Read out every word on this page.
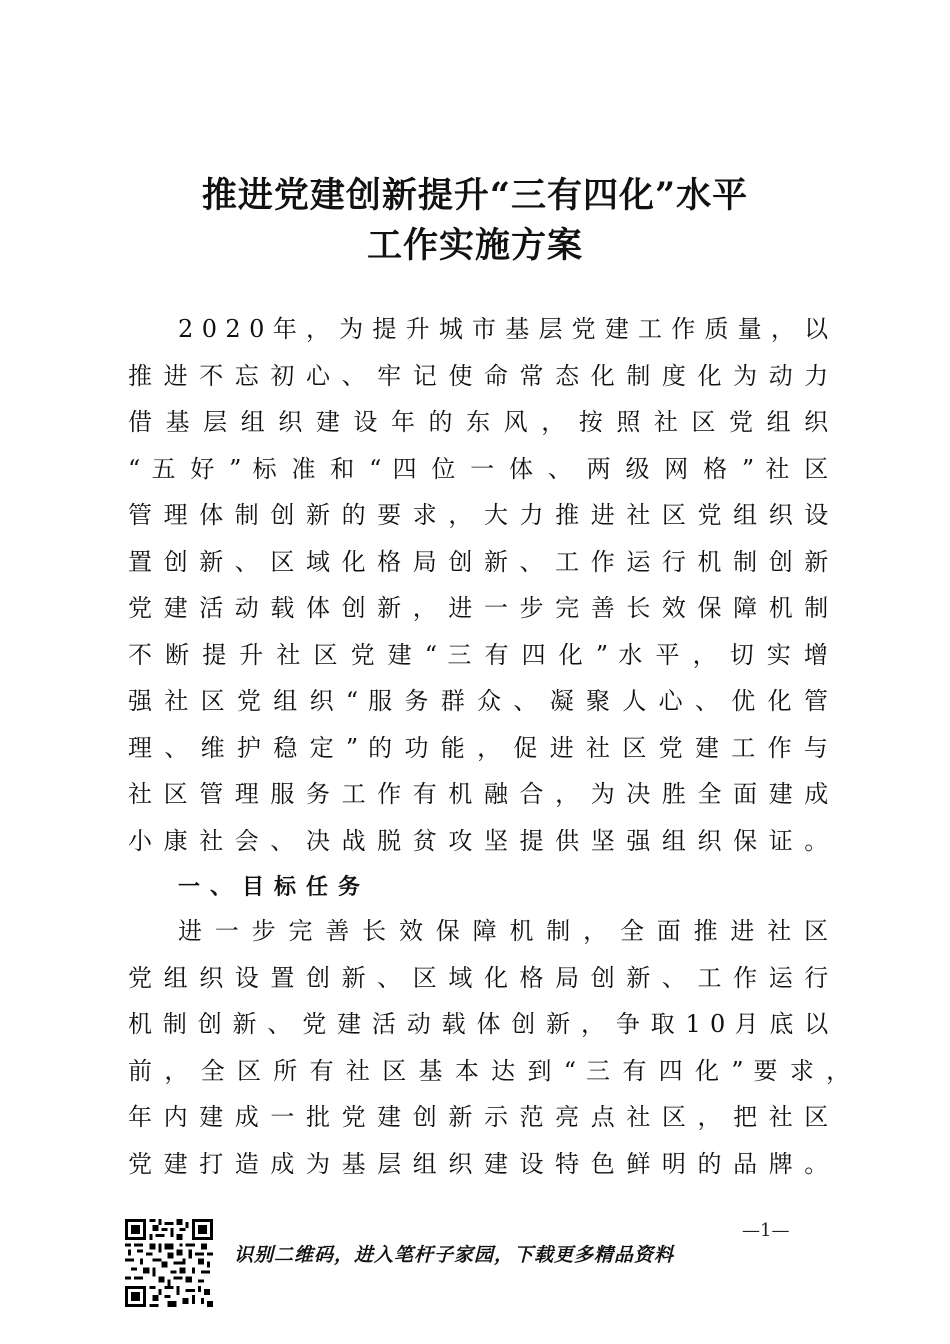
推进党建创新提升“三有四化”水平
工作实施方案
2 0 2 0 年 ， 为 提 升 城 市 基 层 党 建 工 作 质 量 ， 以
推 进 不 忘 初 心 、 牢 记 使 命 常 态 化 制 度 化 为 动 力
借 基 层 组 织 建 设 年 的 东 风 ， 按 照 社 区 党 组 织
“ 五 好 ” 标 准 和 “ 四 位 一 体 、 两 级 网 格 ” 社 区
管 理 体 制 创 新 的 要 求 ， 大 力 推 进 社 区 党 组 织 设
置 创 新 、 区 域 化 格 局 创 新 、 工 作 运 行 机 制 创 新
党 建 活 动 载 体 创 新 ， 进 一 步 完 善 长 效 保 障 机 制
不 断 提 升 社 区 党 建 “ 三 有 四 化 ” 水 平 ， 切 实 增
强 社 区 党 组 织 “ 服 务 群 众 、 凝 聚 人 心 、 优 化 管
理 、 维 护 稳 定 ” 的 功 能 ， 促 进 社 区 党 建 工 作 与
社 区 管 理 服 务 工 作 有 机 融 合 ， 为 决 胜 全 面 建 成
小 康 社 会 、 决 战 脱 贫 攻 坚 提 供 坚 强 组 织 保 证 。
一、目标任务
进 一 步 完 善 长 效 保 障 机 制 ， 全 面 推 进 社 区
党 组 织 设 置 创 新 、 区 域 化 格 局 创 新 、 工 作 运 行
机 制 创 新 、 党 建 活 动 载 体 创 新 ， 争 取 1 0 月 底 以
前 ， 全 区 所 有 社 区 基 本 达 到 “ 三 有 四 化 ” 要 求 ，
年 内 建 成 一 批 党 建 创 新 示 范 亮 点 社 区 ， 把 社 区
党 建 打 造 成 为 基 层 组 织 建 设 特 色 鲜 明 的 品 牌 。
—1—
识别二维码，进入笔杆子家园，下载更多精品资料
